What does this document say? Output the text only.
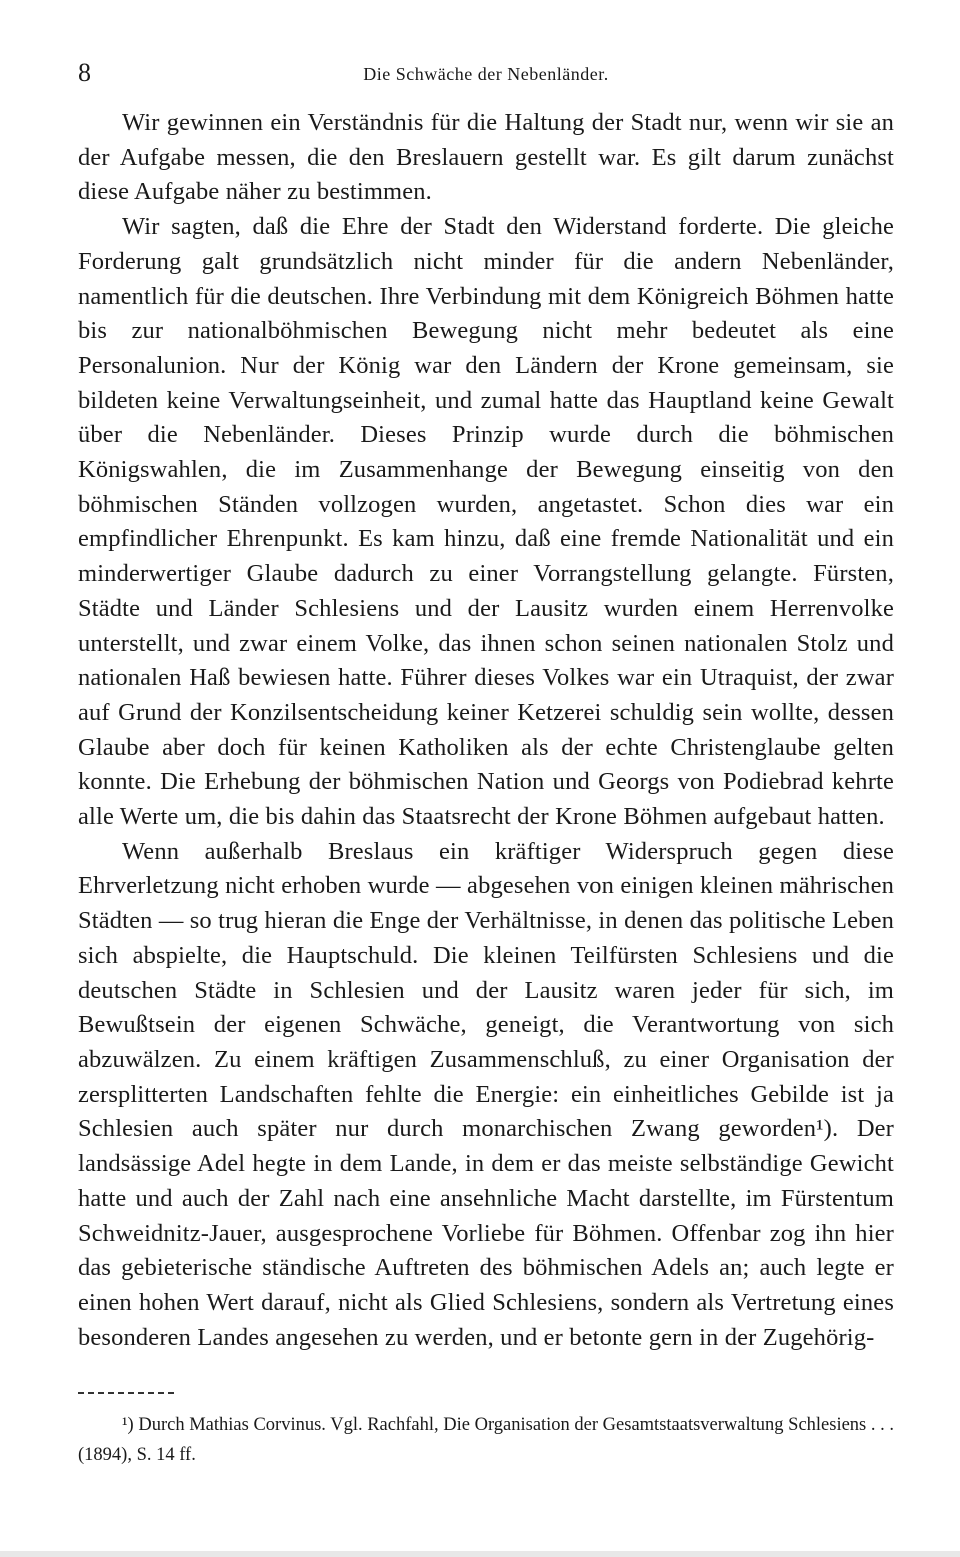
8	Die Schwäche der Nebenländer.

Wir gewinnen ein Verständnis für die Haltung der Stadt nur, wenn wir sie an der Aufgabe messen, die den Breslauern gestellt war. Es gilt darum zunächst diese Aufgabe näher zu bestimmen.

Wir sagten, daß die Ehre der Stadt den Widerstand forderte. Die gleiche Forderung galt grundsätzlich nicht minder für die andern Nebenländer, namentlich für die deutschen. Ihre Verbindung mit dem Königreich Böhmen hatte bis zur nationalböhmischen Bewegung nicht mehr bedeutet als eine Personalunion. Nur der König war den Ländern der Krone gemeinsam, sie bildeten keine Verwaltungseinheit, und zumal hatte das Hauptland keine Gewalt über die Nebenländer. Dieses Prinzip wurde durch die böhmischen Königswahlen, die im Zusammenhange der Bewegung einseitig von den böhmischen Ständen vollzogen wurden, angetastet. Schon dies war ein empfindlicher Ehrenpunkt. Es kam hinzu, daß eine fremde Nationalität und ein minderwertiger Glaube dadurch zu einer Vorrangstellung gelangte. Fürsten, Städte und Länder Schlesiens und der Lausitz wurden einem Herrenvolke unterstellt, und zwar einem Volke, das ihnen schon seinen nationalen Stolz und nationalen Haß bewiesen hatte. Führer dieses Volkes war ein Utraquist, der zwar auf Grund der Konzilsentscheidung keiner Ketzerei schuldig sein wollte, dessen Glaube aber doch für keinen Katholiken als der echte Christenglaube gelten konnte. Die Erhebung der böhmischen Nation und Georgs von Podiebrad kehrte alle Werte um, die bis dahin das Staatsrecht der Krone Böhmen aufgebaut hatten.

Wenn außerhalb Breslaus ein kräftiger Widerspruch gegen diese Ehrverletzung nicht erhoben wurde — abgesehen von einigen kleinen mährischen Städten — so trug hieran die Enge der Verhältnisse, in denen das politische Leben sich abspielte, die Hauptschuld. Die kleinen Teilfürsten Schlesiens und die deutschen Städte in Schlesien und der Lausitz waren jeder für sich, im Bewußtsein der eigenen Schwäche, geneigt, die Verantwortung von sich abzuwälzen. Zu einem kräftigen Zusammenschluß, zu einer Organisation der zersplitterten Landschaften fehlte die Energie: ein einheitliches Gebilde ist ja Schlesien auch später nur durch monarchischen Zwang geworden¹). Der landsässige Adel hegte in dem Lande, in dem er das meiste selbständige Gewicht hatte und auch der Zahl nach eine ansehnliche Macht darstellte, im Fürstentum Schweidnitz-Jauer, ausgesprochene Vorliebe für Böhmen. Offenbar zog ihn hier das gebieterische ständische Auftreten des böhmischen Adels an; auch legte er einen hohen Wert darauf, nicht als Glied Schlesiens, sondern als Vertretung eines besonderen Landes angesehen zu werden, und er betonte gern in der Zugehörig-

¹) Durch Mathias Corvinus. Vgl. Rachfahl, Die Organisation der Gesamtstaatsverwaltung Schlesiens . . . (1894), S. 14 ff.
